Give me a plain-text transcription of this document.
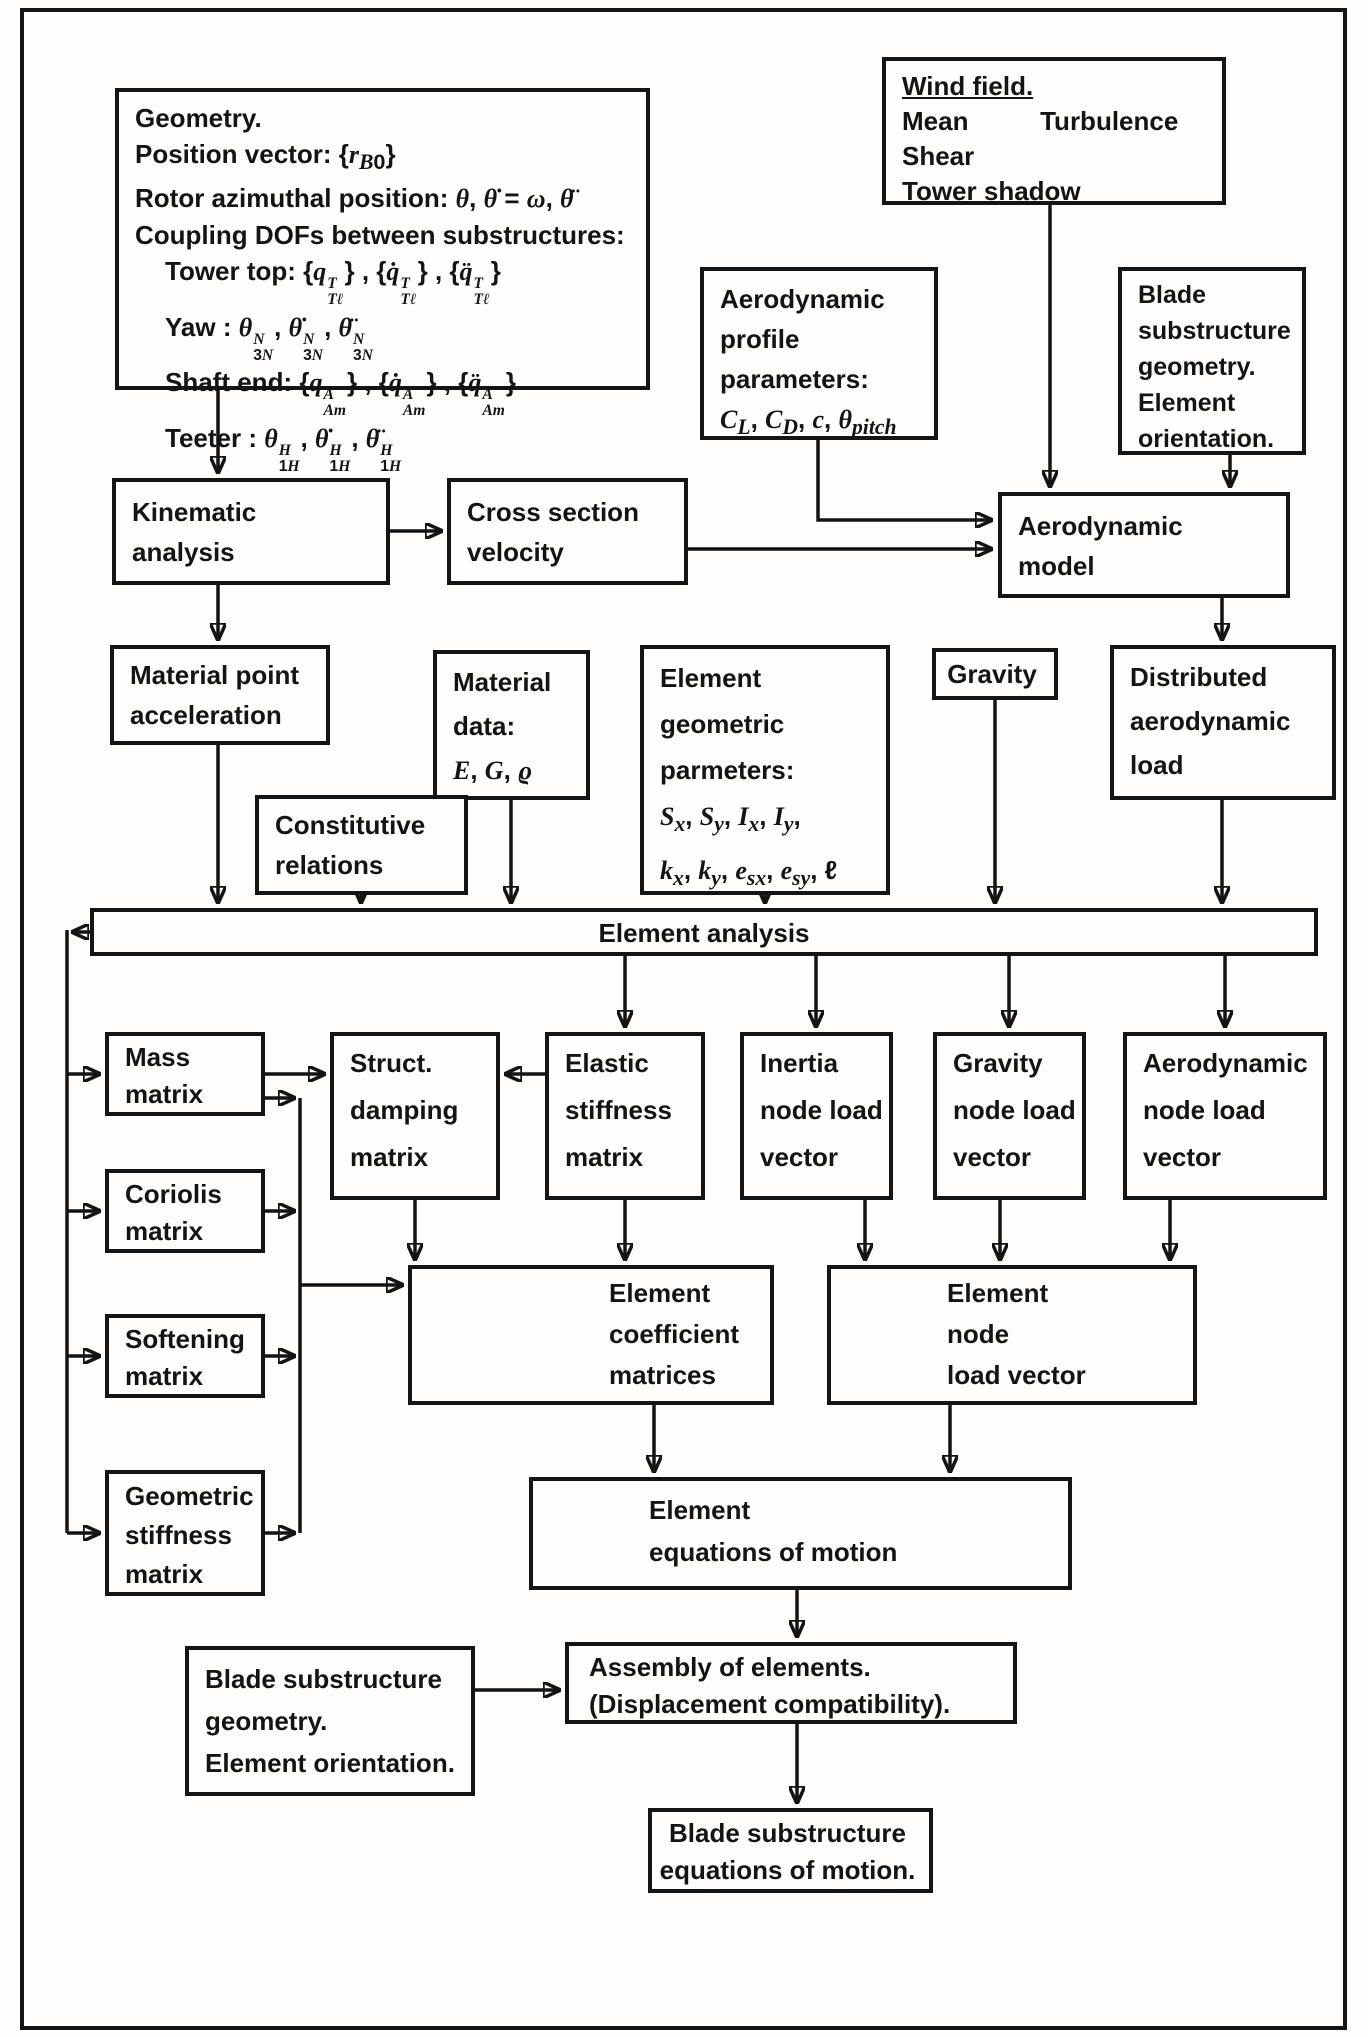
Geometry.
Position vector: $\{r_{B0}\}$
Rotor azimuthal position: θ, θ̇ = ω, θ̈
Coupling DOFs between substructures:
Tower top: {q T
Tℓ
} , {q̇ T
Tℓ
} , {q̈ T
Tℓ
}
Yaw : θ N
3N
, θ̇ N
3N
, θ̈ N
3N
Shaft end: {q A
Am
} , {q̇ A
Am
} , {q̈ A
Am
}
Teeter : θ H
1H
, θ̇ H
1H
, θ̈ H
1H
Wind field.
Mean	Turbulence
Shear
Tower shadow
Aerodynamic
profile
parameters:
$C_L$, $C_D$, c, $\theta_{pitch}$
Blade
substructure
geometry.
Element
orientation.
Kinematic
analysis
Cross section
velocity
Aerodynamic
model
Material point
acceleration
Material
data:
E, G, ϱ
Element
geometric
parmeters:
$S_x$, $S_y$, $I_x$, $I_y$,
$k_x$, $k_y$, $e_{sx}$, $e_{sy}$, ℓ
Gravity	Distributed
aerodynamic
load
Constitutive
relations
Element analysis
Mass
matrix
Struct.
damping
matrix
Elastic
stiffness
matrix
Inertia
node load
vector
Gravity
node load
vector
Aerodynamic
node load
vector
Coriolis
matrix
Softening
matrix
Geometric
stiffness
matrix
Element
coefficient
matrices
Element
node
load vector
Element
equations of motion
Blade substructure
geometry.
Element orientation.
Assembly of elements.
(Displacement compatibility).
Blade substructure
equations of motion.
